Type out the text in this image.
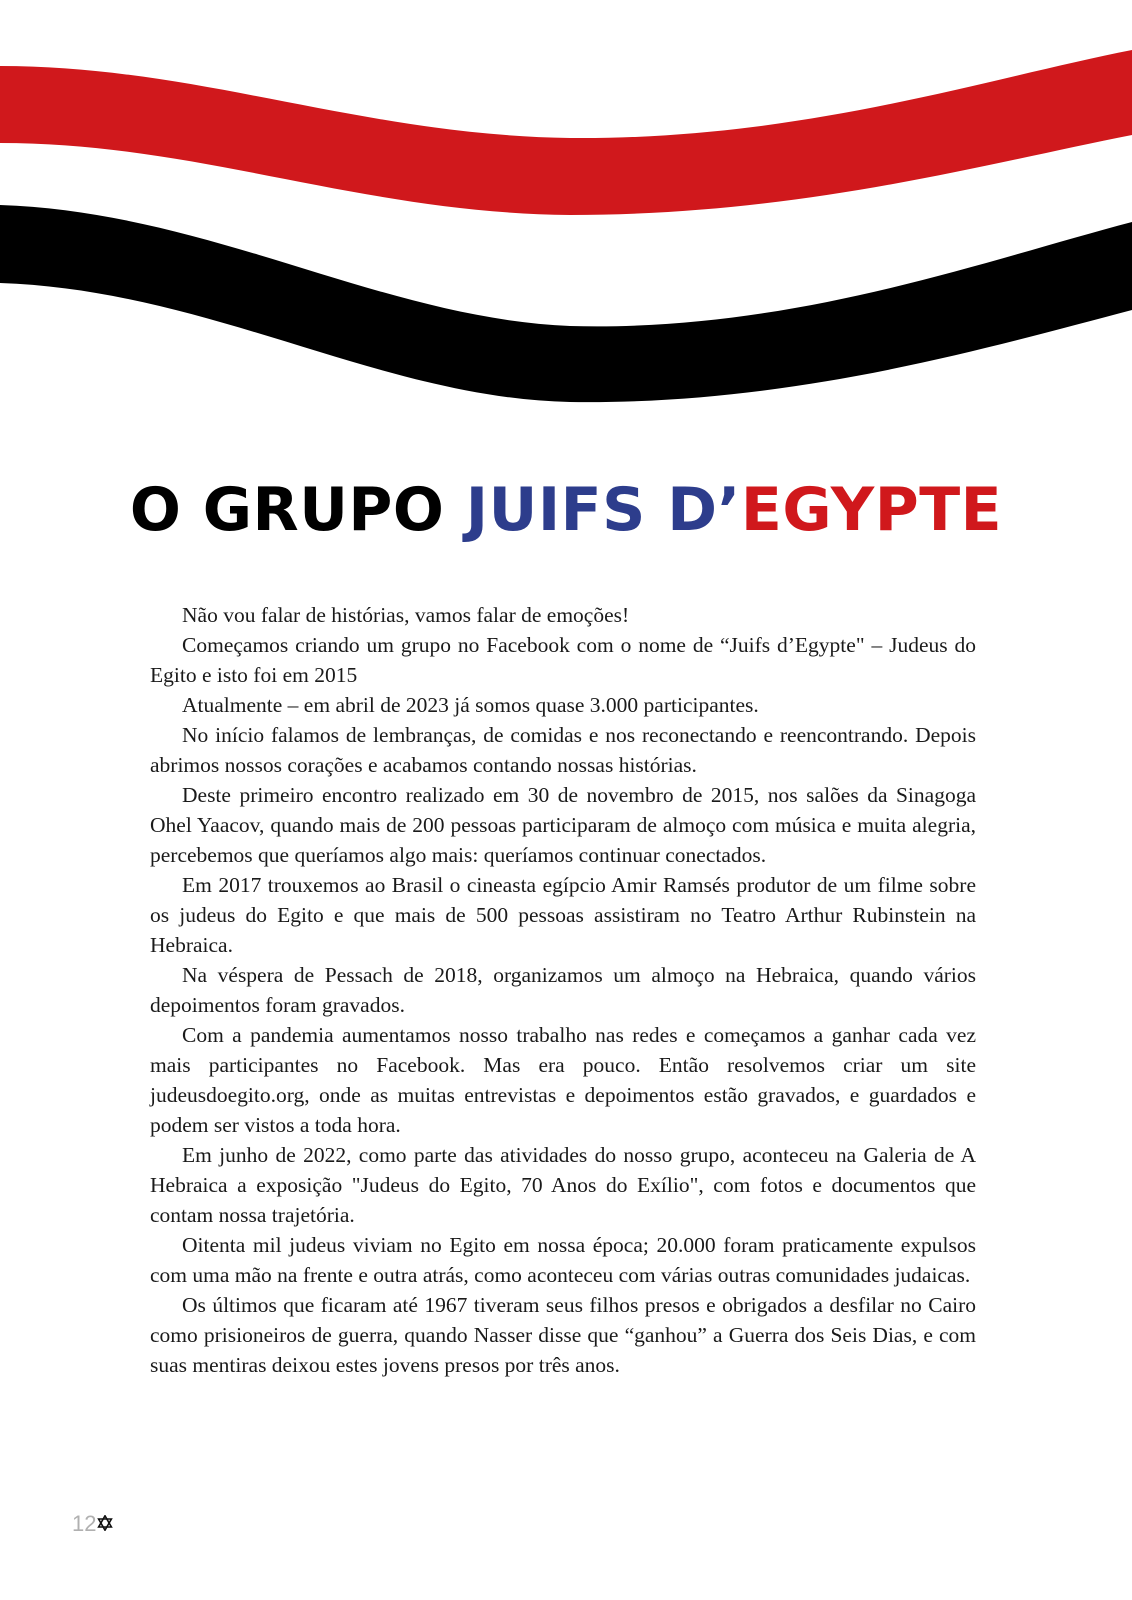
O GRUPO JUIFS D’EGYPTE

Não vou falar de histórias, vamos falar de emoções!

Começamos criando um grupo no Facebook com o nome de “Juifs d’Egypte" – Judeus do Egito e isto foi em 2015

Atualmente – em abril de 2023 já somos quase 3.000 participantes.

No início falamos de lembranças, de comidas e nos reconectando e reencontrando. Depois abrimos nossos corações e acabamos contando nossas histórias.

Deste primeiro encontro realizado em 30 de novembro de 2015, nos salões da Sinagoga Ohel Yaacov, quando mais de 200 pessoas participaram de almoço com música e muita alegria, percebemos que queríamos algo mais: queríamos continuar conectados.

Em 2017 trouxemos ao Brasil o cineasta egípcio Amir Ramsés produtor de um filme sobre os judeus do Egito e que mais de 500 pessoas assistiram no Teatro Arthur Rubinstein na Hebraica.

Na véspera de Pessach de 2018, organizamos um almoço na Hebraica, quando vários depoimentos foram gravados.

Com a pandemia aumentamos nosso trabalho nas redes e começamos a ganhar cada vez mais participantes no Facebook. Mas era pouco. Então resolvemos criar um site judeusdoegito.org, onde as muitas entrevistas e depoimentos estão gravados, e guardados e podem ser vistos a toda hora.

Em junho de 2022, como parte das atividades do nosso grupo, aconteceu na Galeria de A Hebraica a exposição "Judeus do Egito, 70 Anos do Exílio", com fotos e documentos que contam nossa trajetória.

Oitenta mil judeus viviam no Egito em nossa época; 20.000 foram praticamente expulsos com uma mão na frente e outra atrás, como aconteceu com várias outras comunidades judaicas.

Os últimos que ficaram até 1967 tiveram seus filhos presos e obrigados a desfilar no Cairo como prisioneiros de guerra, quando Nasser disse que “ganhou” a Guerra dos Seis Dias, e com suas mentiras deixou estes jovens presos por três anos.

12
